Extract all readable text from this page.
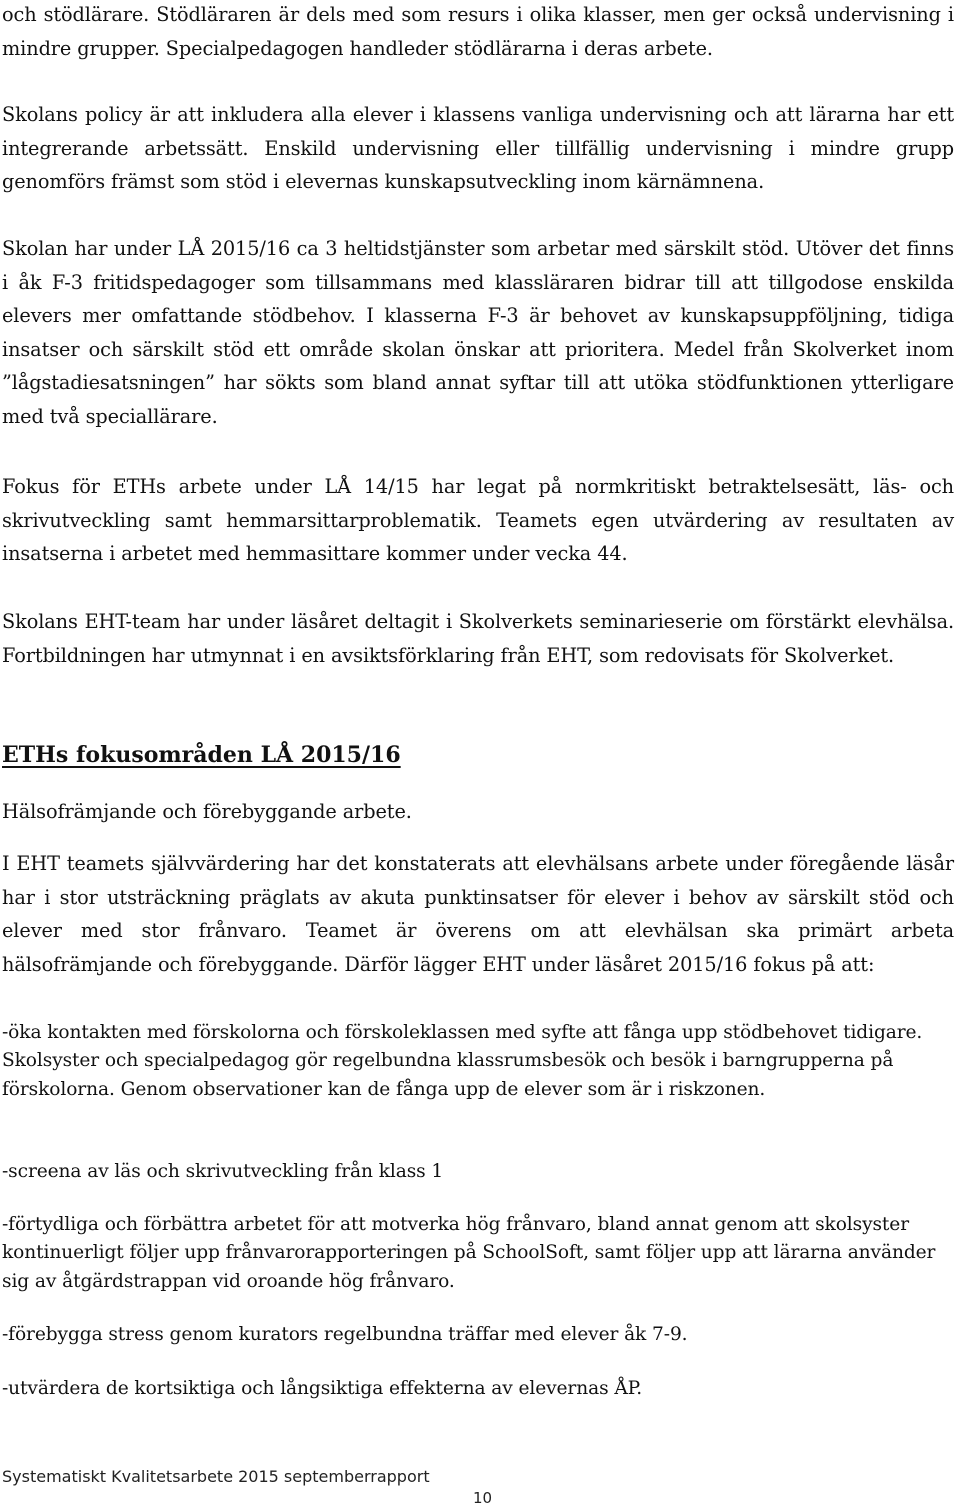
och stödlärare. Stödläraren är dels med som resurs i olika klasser, men ger också undervisning i mindre grupper. Specialpedagogen handleder stödlärarna i deras arbete.

Skolans policy är att inkludera alla elever i klassens vanliga undervisning och att lärarna har ett integrerande arbetssätt. Enskild undervisning eller tillfällig undervisning i mindre grupp genomförs främst som stöd i elevernas kunskapsutveckling inom kärnämnena.

Skolan har under LÅ 2015/16 ca 3 heltidstjänster som arbetar med särskilt stöd. Utöver det finns i åk F-3 fritidspedagoger som tillsammans med klassläraren bidrar till att tillgodose enskilda elevers mer omfattande stödbehov. I klasserna F-3 är behovet av kunskapsuppföljning, tidiga insatser och särskilt stöd ett område skolan önskar att prioritera. Medel från Skolverket inom ”lågstadiesatsningen” har sökts som bland annat syftar till att utöka stödfunktionen ytterligare med två speciallärare.

Fokus för ETHs arbete under LÅ 14/15 har legat på normkritiskt betraktelsesätt, läs- och skrivutveckling samt hemmarsittarproblematik. Teamets egen utvärdering av resultaten av insatserna i arbetet med hemmasittare kommer under vecka 44.

Skolans EHT-team har under läsåret deltagit i Skolverkets seminarieserie om förstärkt elevhälsa. Fortbildningen har utmynnat i en avsiktsförklaring från EHT, som redovisats för Skolverket.

ETHs fokusområden LÅ 2015/16

Hälsofrämjande och förebyggande arbete.

I EHT teamets självvärdering har det konstaterats att elevhälsans arbete under föregående läsår har i stor utsträckning präglats av akuta punktinsatser för elever i behov av särskilt stöd och elever med stor frånvaro. Teamet är överens om att elevhälsan ska primärt arbeta hälsofrämjande och förebyggande. Därför lägger EHT under läsåret 2015/16 fokus på att:

-öka kontakten med förskolorna och förskoleklassen med syfte att fånga upp stödbehovet tidigare. Skolsyster och specialpedagog gör regelbundna klassrumsbesök och besök i barngrupperna på förskolorna. Genom observationer kan de fånga upp de elever som är i riskzonen.

-screena av läs och skrivutveckling från klass 1

-förtydliga och förbättra arbetet för att motverka hög frånvaro, bland annat genom att skolsyster kontinuerligt följer upp frånvarorapporteringen på SchoolSoft, samt följer upp att lärarna använder sig av åtgärdstrappan vid oroande hög frånvaro.

-förebygga stress genom kurators regelbundna träffar med elever åk 7-9.

-utvärdera de kortsiktiga och långsiktiga effekterna av elevernas ÅP.

Systematiskt Kvalitetsarbete 2015 septemberrapport
10
